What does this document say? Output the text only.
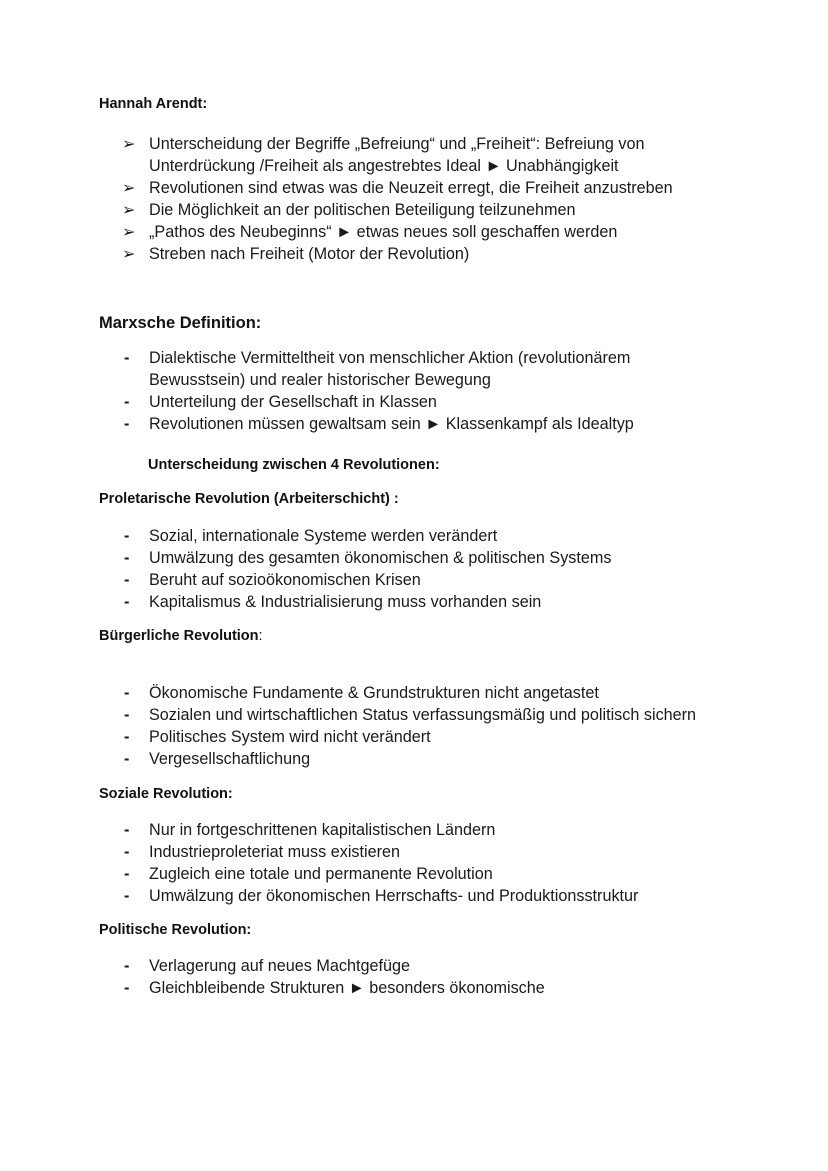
Hannah Arendt:
➢ Unterscheidung der Begriffe „Befreiung“ und „Freiheit“: Befreiung von
Unterdrückung /Freiheit als angestrebtes Ideal ► Unabhängigkeit
➢ Revolutionen sind etwas was die Neuzeit erregt, die Freiheit anzustreben
➢ Die Möglichkeit an der politischen Beteiligung teilzunehmen
➢ „Pathos des Neubeginns“ ► etwas neues soll geschaffen werden
➢ Streben nach Freiheit (Motor der Revolution)
Marxsche Definition:
-	Dialektische Vermitteltheit von menschlicher Aktion (revolutionärem
Bewusstsein) und realer historischer Bewegung
-	Unterteilung der Gesellschaft in Klassen
-	Revolutionen müssen gewaltsam sein ► Klassenkampf als Idealtyp
Unterscheidung zwischen 4 Revolutionen:
Proletarische Revolution (Arbeiterschicht) :
-	Sozial, internationale Systeme werden verändert
-	Umwälzung des gesamten ökonomischen & politischen Systems
-	Beruht auf sozioökonomischen Krisen
-	Kapitalismus & Industrialisierung muss vorhanden sein
Bürgerliche Revolution:
-	Ökonomische Fundamente & Grundstrukturen nicht angetastet
-	Sozialen und wirtschaftlichen Status verfassungsmäßig und politisch sichern
-	Politisches System wird nicht verändert
-	Vergesellschaftlichung
Soziale Revolution:
-	Nur in fortgeschrittenen kapitalistischen Ländern
-	Industrieproleteriat muss existieren
-	Zugleich eine totale und permanente Revolution
-	Umwälzung der ökonomischen Herrschafts- und Produktionsstruktur
Politische Revolution:
-	Verlagerung auf neues Machtgefüge
-	Gleichbleibende Strukturen ► besonders ökonomische
